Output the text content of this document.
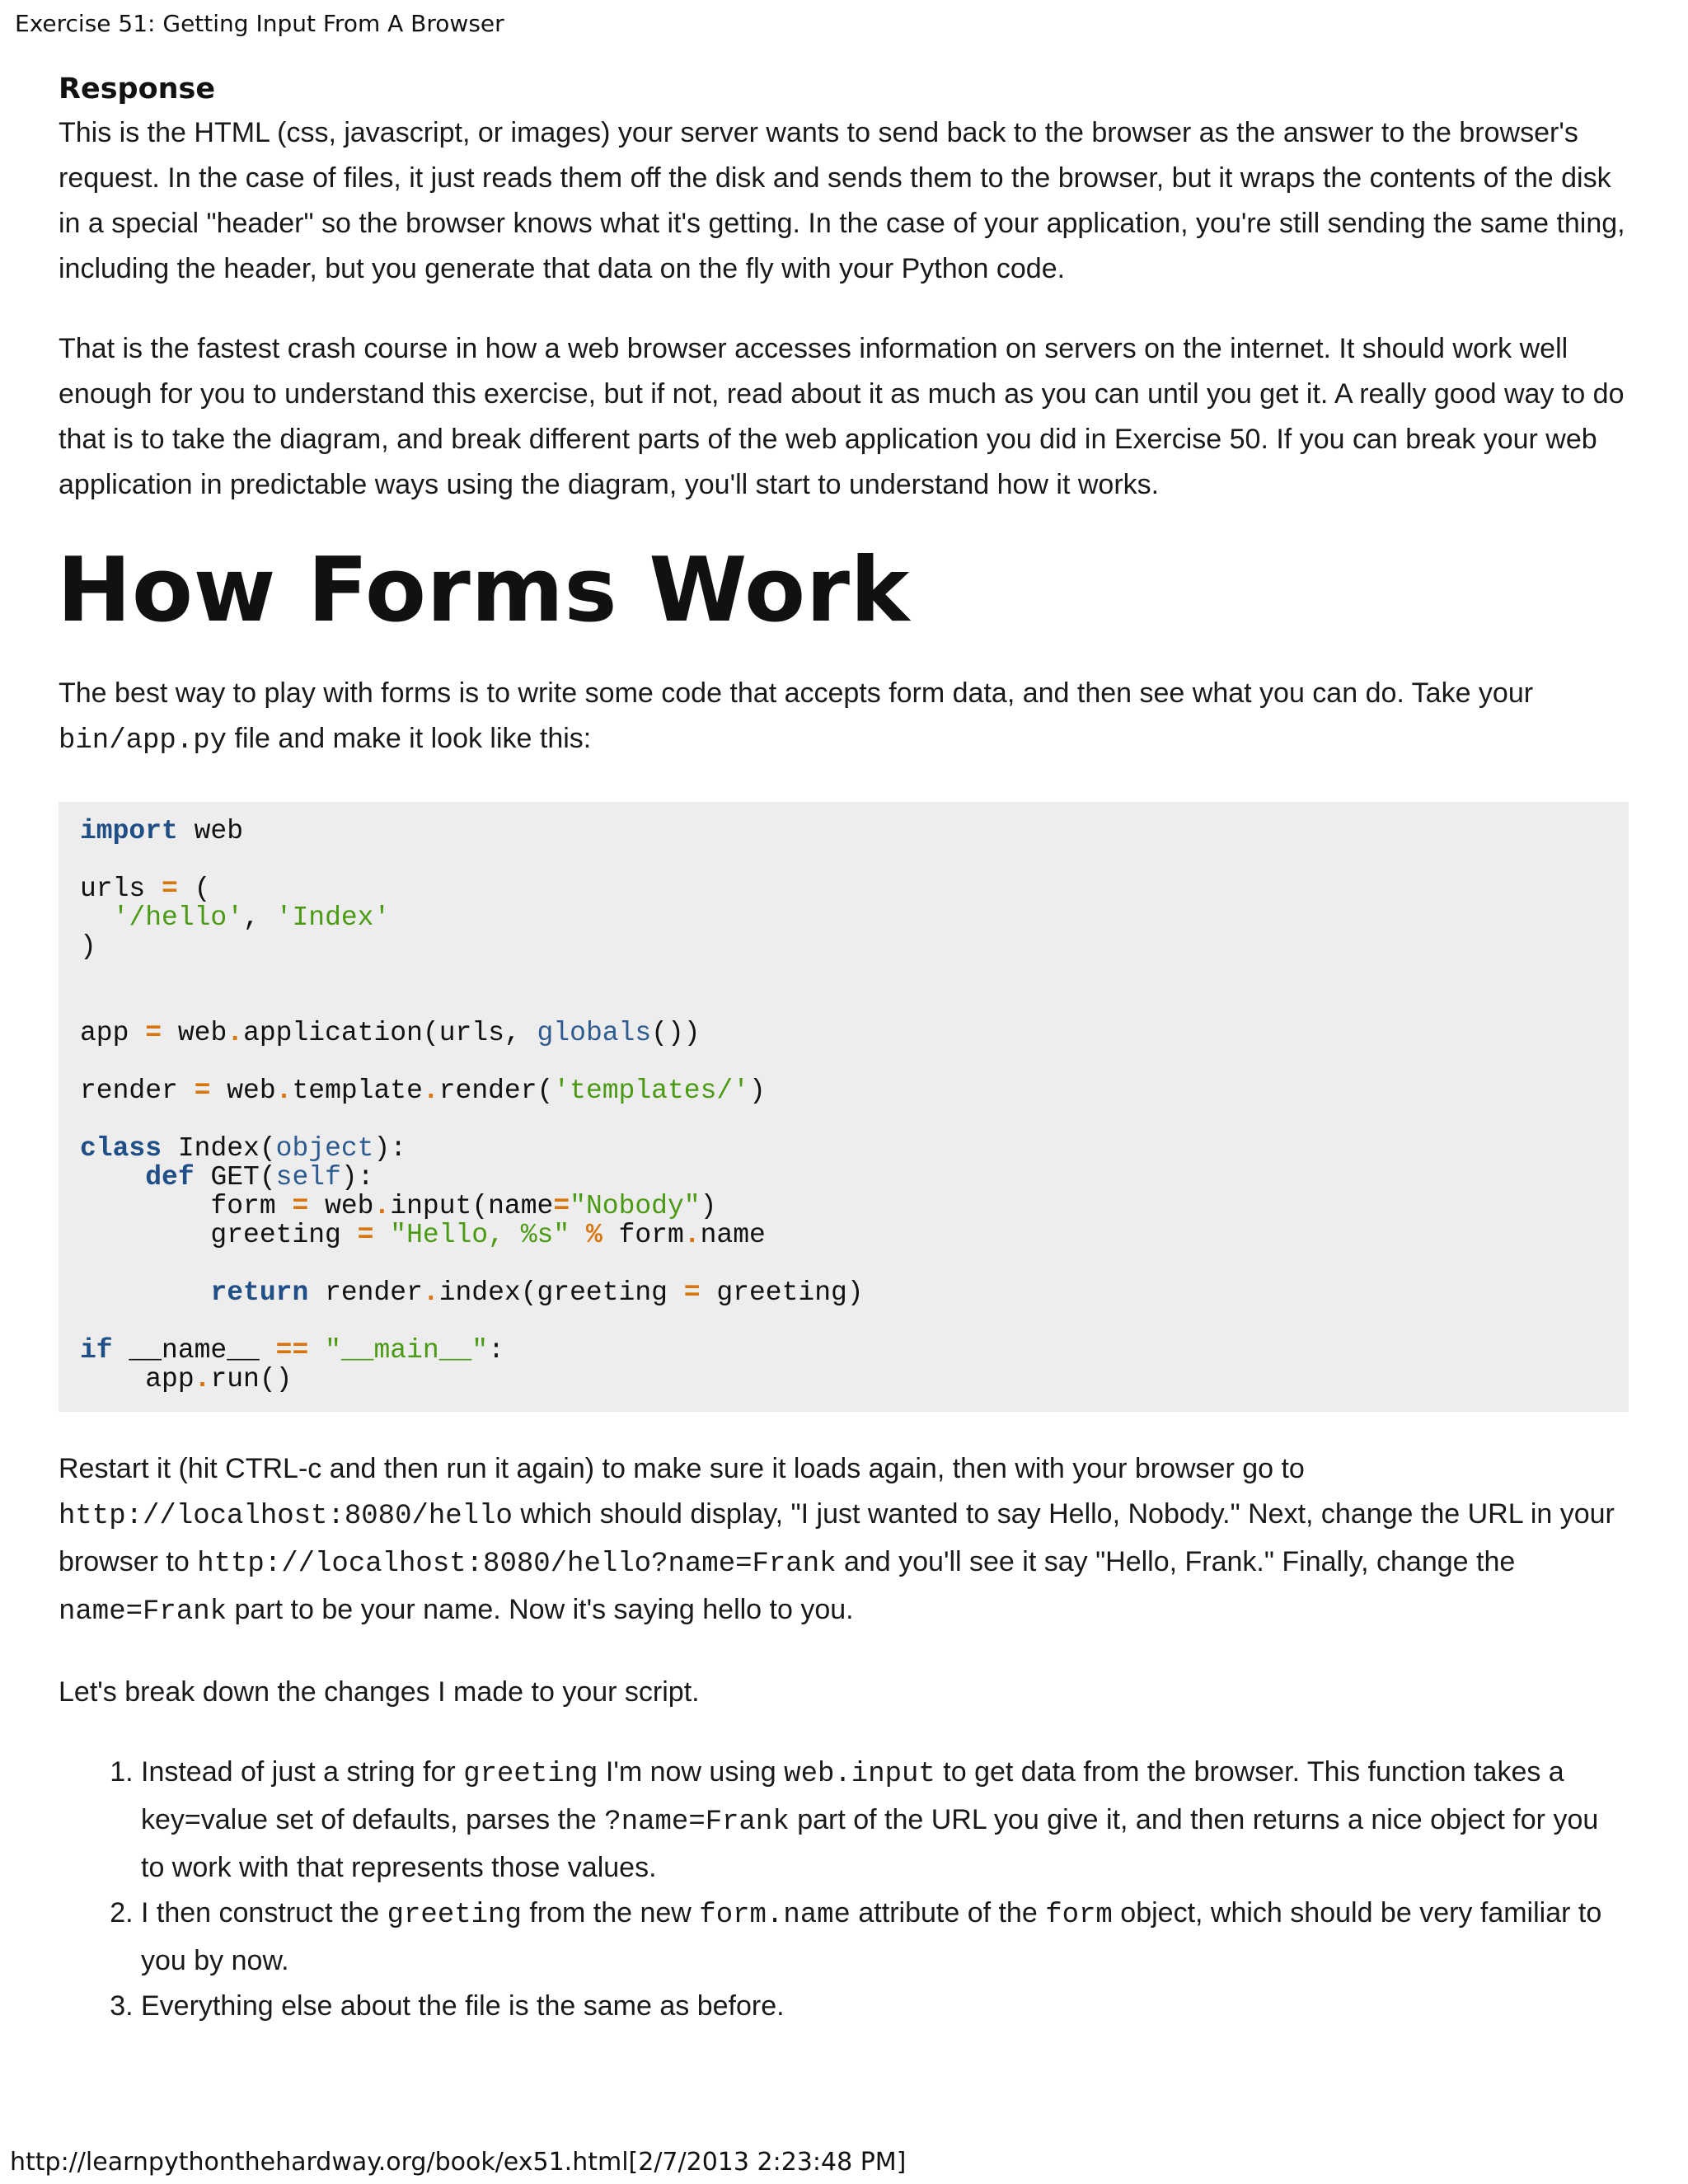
Exercise 51: Getting Input From A Browser

Response

This is the HTML (css, javascript, or images) your server wants to send back to the browser as the answer to the browser's request. In the case of files, it just reads them off the disk and sends them to the browser, but it wraps the contents of the disk in a special "header" so the browser knows what it's getting. In the case of your application, you're still sending the same thing, including the header, but you generate that data on the fly with your Python code.

That is the fastest crash course in how a web browser accesses information on servers on the internet. It should work well enough for you to understand this exercise, but if not, read about it as much as you can until you get it. A really good way to do that is to take the diagram, and break different parts of the web application you did in Exercise 50. If you can break your web application in predictable ways using the diagram, you'll start to understand how it works.

How Forms Work

The best way to play with forms is to write some code that accepts form data, and then see what you can do. Take your bin/app.py file and make it look like this:

import web

urls = (
'/hello', 'Index'
)

app = web.application(urls, globals())

render = web.template.render('templates/')

class Index(object):
def GET(self):
form = web.input(name="Nobody")
greeting = "Hello, %s" % form.name

return render.index(greeting = greeting)

if __name__ == "__main__":
app.run()

Restart it (hit CTRL-c and then run it again) to make sure it loads again, then with your browser go to http://localhost:8080/hello which should display, "I just wanted to say Hello, Nobody." Next, change the URL in your browser to http://localhost:8080/hello?name=Frank and you'll see it say "Hello, Frank." Finally, change the name=Frank part to be your name. Now it's saying hello to you.

Let's break down the changes I made to your script.

1. Instead of just a string for greeting I'm now using web.input to get data from the browser. This function takes a key=value set of defaults, parses the ?name=Frank part of the URL you give it, and then returns a nice object for you to work with that represents those values.
2. I then construct the greeting from the new form.name attribute of the form object, which should be very familiar to you by now.
3. Everything else about the file is the same as before.
http://learnpythonthehardway.org/book/ex51.html[2/7/2013 2:23:48 PM]
